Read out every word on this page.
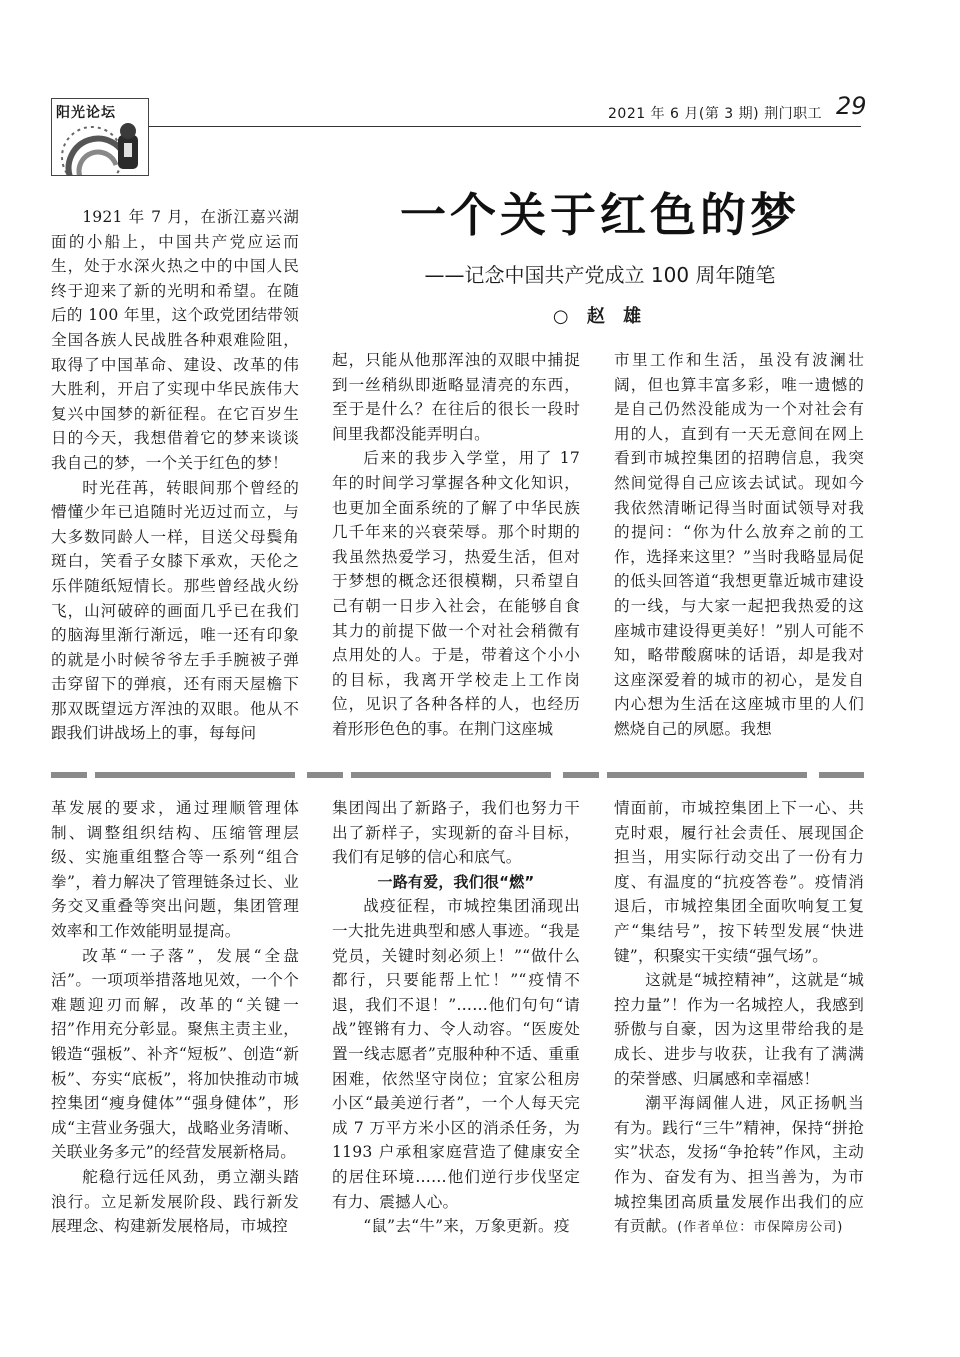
阳光论坛	2021 年 6 月(第 3 期) 荆门职工 29
一个关于红色的梦
——记念中国共产党成立 100 周年随笔
○ 赵 雄

1921 年 7 月，在浙江嘉兴湖面的小船上，中国共产党应运而生，处于水深火热之中的中国人民终于迎来了新的光明和希望。在随后的 100 年里，这个政党团结带领全国各族人民战胜各种艰难险阻，取得了中国革命、建设、改革的伟大胜利，开启了实现中华民族伟大复兴中国梦的新征程。在它百岁生日的今天，我想借着它的梦来谈谈我自己的梦，一个关于红色的梦！

时光荏苒，转眼间那个曾经的懵懂少年已追随时光迈过而立，与大多数同龄人一样，目送父母鬓角斑白，笑看子女膝下承欢，天伦之乐伴随纸短情长。那些曾经战火纷飞，山河破碎的画面几乎已在我们的脑海里渐行渐远，唯一还有印象的就是小时候爷爷左手手腕被子弹击穿留下的弹痕，还有雨天屋檐下那双既望远方浑浊的双眼。他从不跟我们讲战场上的事，每每问

起，只能从他那浑浊的双眼中捕捉到一丝稍纵即逝略显清亮的东西，至于是什么？在往后的很长一段时间里我都没能弄明白。

后来的我步入学堂，用了 17 年的时间学习掌握各种文化知识，也更加全面系统的了解了中华民族几千年来的兴衰荣辱。那个时期的我虽然热爱学习，热爱生活，但对于梦想的概念还很模糊，只希望自己有朝一日步入社会，在能够自食其力的前提下做一个对社会稍微有点用处的人。于是，带着这个小小的目标，我离开学校走上工作岗位，见识了各种各样的人，也经历着形形色色的事。在荆门这座城

市里工作和生活，虽没有波澜壮阔，但也算丰富多彩，唯一遗憾的是自己仍然没能成为一个对社会有用的人，直到有一天无意间在网上看到市城控集团的招聘信息，我突然间觉得自己应该去试试。现如今我依然清晰记得当时面试领导对我的提问：“你为什么放弃之前的工作，选择来这里？”当时我略显局促的低头回答道“我想更靠近城市建设的一线，与大家一起把我热爱的这座城市建设得更美好！”别人可能不知，略带酸腐味的话语，却是我对这座深爱着的城市的初心，是发自内心想为生活在这座城市里的人们燃烧自己的夙愿。我想

革发展的要求，通过理顺管理体制、调整组织结构、压缩管理层级、实施重组整合等一系列“组合拳”，着力解决了管理链条过长、业务交叉重叠等突出问题，集团管理效率和工作效能明显提高。

改革“一子落”，发展“全盘活”。一项项举措落地见效，一个个难题迎刃而解，改革的“关键一招”作用充分彰显。聚焦主责主业，锻造“强板”、补齐“短板”、创造“新板”、夯实“底板”，将加快推动市城控集团“瘦身健体”“强身健体”，形成“主营业务强大，战略业务清晰、关联业务多元”的经营发展新格局。

舵稳行远任风劲，勇立潮头踏浪行。立足新发展阶段、践行新发展理念、构建新发展格局，市城控

集团闯出了新路子，我们也努力干出了新样子，实现新的奋斗目标，我们有足够的信心和底气。

一路有爱，我们很“燃”

战疫征程，市城控集团涌现出一大批先进典型和感人事迹。“我是党员，关键时刻必须上！”“做什么都行，只要能帮上忙！”“疫情不退，我们不退！”……他们句句“请战”铿锵有力、令人动容。“医废处置一线志愿者”克服种种不适、重重困难，依然坚守岗位；宜家公租房小区“最美逆行者”，一个人每天完成 7 万平方米小区的消杀任务，为 1193 户承租家庭营造了健康安全的居住环境……他们逆行步伐坚定有力、震撼人心。

“鼠”去“牛”来，万象更新。疫

情面前，市城控集团上下一心、共克时艰，履行社会责任、展现国企担当，用实际行动交出了一份有力度、有温度的“抗疫答卷”。疫情消退后，市城控集团全面吹响复工复产“集结号”，按下转型发展“快进键”，积聚实干实绩“强气场”。

这就是“城控精神”，这就是“城控力量”！作为一名城控人，我感到骄傲与自豪，因为这里带给我的是成长、进步与收获，让我有了满满的荣誉感、归属感和幸福感！

潮平海阔催人进，风正扬帆当有为。践行“三牛”精神，保持“拼抢实”状态，发扬“争抢转”作风，主动作为、奋发有为、担当善为，为市城控集团高质量发展作出我们的应有贡献。(作者单位：市保障房公司)
